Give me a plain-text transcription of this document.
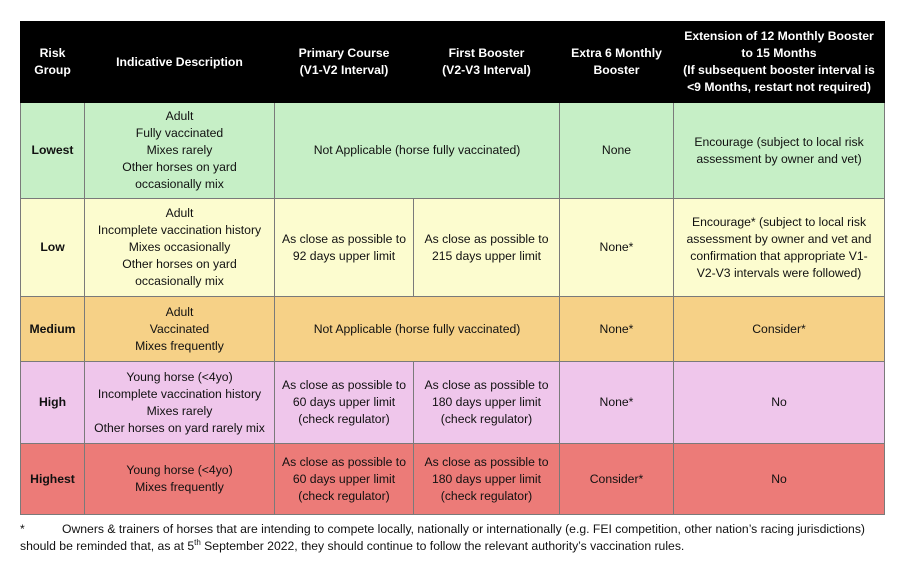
Risk
Group	Indicative Description	Primary Course
(V1-V2 Interval)	First Booster
(V2-V3 Interval)	Extra 6 Monthly
Booster	Extension of 12 Monthly Booster
to 15 Months
(If subsequent booster interval is
<9 Months, restart not required)

Lowest	Adult
Fully vaccinated
Mixes rarely
Other horses on yard
occasionally mix	Not Applicable (horse fully vaccinated)		None	Encourage (subject to local risk
assessment by owner and vet)

Low	Adult
Incomplete vaccination history
Mixes occasionally
Other horses on yard
occasionally mix	As close as possible to
92 days upper limit	As close as possible to
215 days upper limit	None*	Encourage* (subject to local risk
assessment by owner and vet and
confirmation that appropriate V1-
V2-V3 intervals were followed)

Medium	Adult
Vaccinated
Mixes frequently	Not Applicable (horse fully vaccinated)		None*	Consider*

High	Young horse (<4yo)
Incomplete vaccination history
Mixes rarely
Other horses on yard rarely mix	As close as possible to
60 days upper limit
(check regulator)	As close as possible to
180 days upper limit
(check regulator)	None*	No

Highest	Young horse (<4yo)
Mixes frequently	As close as possible to
60 days upper limit
(check regulator)	As close as possible to
180 days upper limit
(check regulator)	Consider*	No
*	Owners & trainers of horses that are intending to compete locally, nationally or internationally (e.g. FEI competition, other nation’s racing jurisdictions) should be reminded that, as at 5th September 2022, they should continue to follow the relevant authority’s vaccination rules.
